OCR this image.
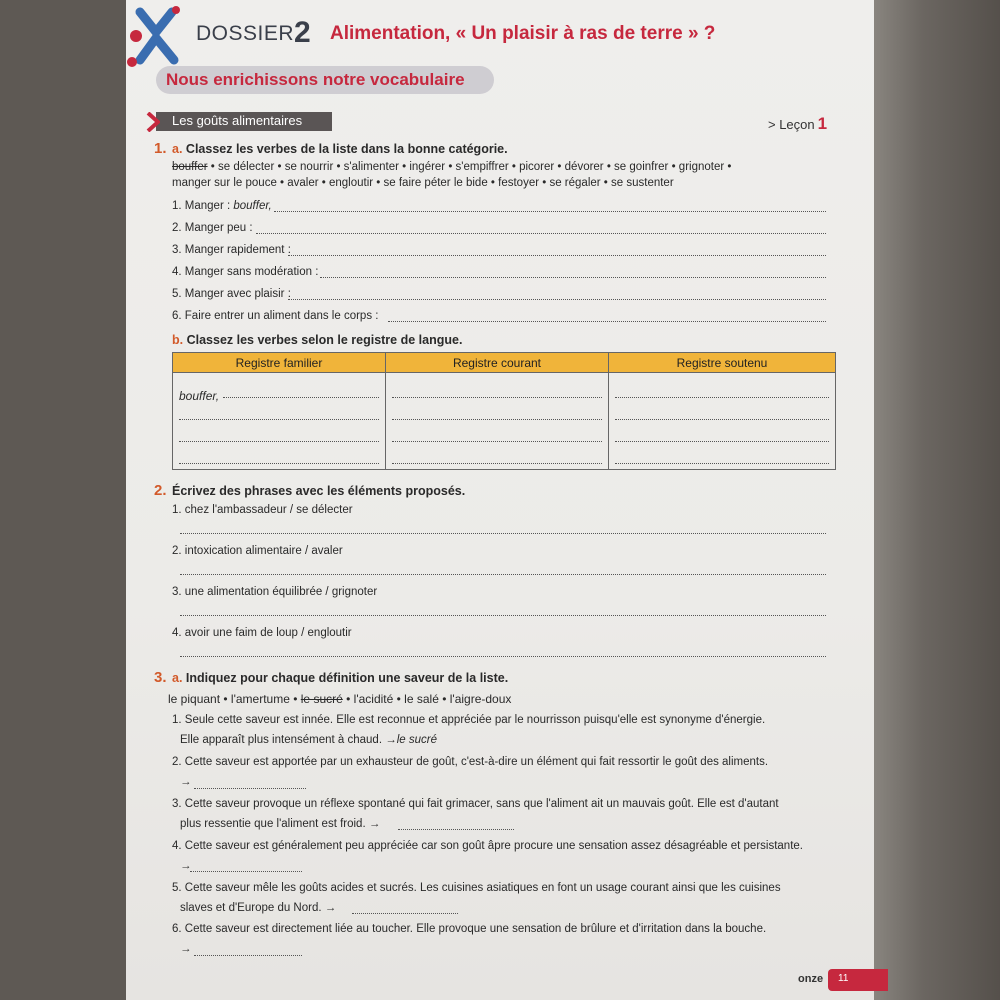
DOSSIER 2 Alimentation, « Un plaisir à ras de terre » ?
Nous enrichissons notre vocabulaire
Les goûts alimentaires	> Leçon 1
1. a. Classez les verbes de la liste dans la bonne catégorie.
bouffer • se délecter • se nourrir • s'alimenter • ingérer • s'empiffrer • picorer • dévorer • se goinfrer • grignoter •
manger sur le pouce • avaler • engloutir • se faire péter le bide • festoyer • se régaler • se sustenter
1. Manger : bouffer,
2. Manger peu :
3. Manger rapidement :
4. Manger sans modération :
5. Manger avec plaisir :
6. Faire entrer un aliment dans le corps :
b. Classez les verbes selon le registre de langue.
Registre familier	Registre courant	Registre soutenu

bouffer,		

2. Écrivez des phrases avec les éléments proposés.
1. chez l'ambassadeur / se délecter
2. intoxication alimentaire / avaler
3. une alimentation équilibrée / grignoter
4. avoir une faim de loup / engloutir
3. a. Indiquez pour chaque définition une saveur de la liste.
le piquant • l'amertume • le sucré • l'acidité • le salé • l'aigre-doux
1. Seule cette saveur est innée. Elle est reconnue et appréciée par le nourrisson puisqu'elle est synonyme d'énergie.
Elle apparaît plus intensément à chaud. →le sucré
2. Cette saveur est apportée par un exhausteur de goût, c'est-à-dire un élément qui fait ressortir le goût des aliments.
→
3. Cette saveur provoque un réflexe spontané qui fait grimacer, sans que l'aliment ait un mauvais goût. Elle est d'autant
plus ressentie que l'aliment est froid. →
4. Cette saveur est généralement peu appréciée car son goût âpre procure une sensation assez désagréable et persistante.
→
5. Cette saveur mêle les goûts acides et sucrés. Les cuisines asiatiques en font un usage courant ainsi que les cuisines
slaves et d'Europe du Nord. →
6. Cette saveur est directement liée au toucher. Elle provoque une sensation de brûlure et d'irritation dans la bouche.
→
onze 11
